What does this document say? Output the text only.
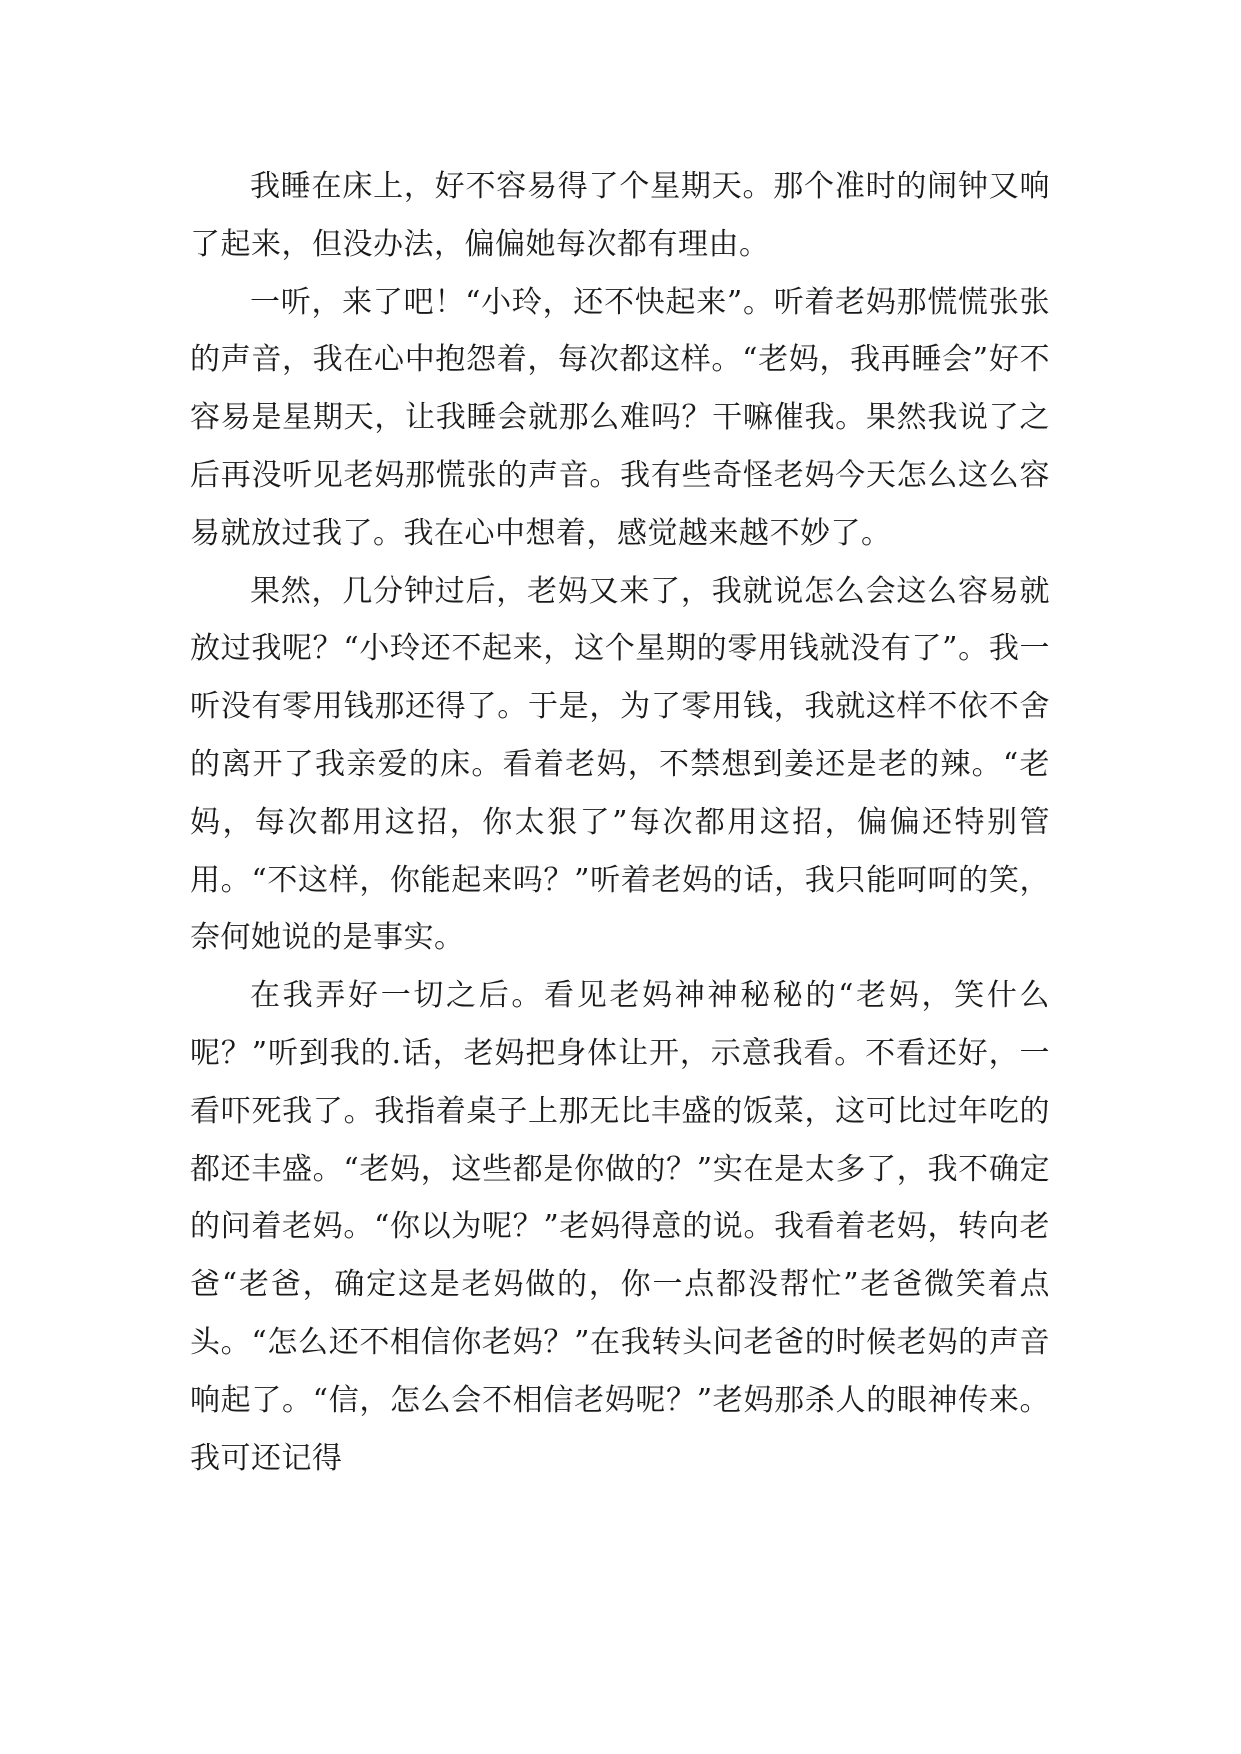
我睡在床上，好不容易得了个星期天。那个准时的闹钟又响了起来，但没办法，偏偏她每次都有理由。

一听，来了吧！“小玲，还不快起来”。听着老妈那慌慌张张的声音，我在心中抱怨着，每次都这样。“老妈，我再睡会”好不容易是星期天，让我睡会就那么难吗？干嘛催我。果然我说了之后再没听见老妈那慌张的声音。我有些奇怪老妈今天怎么这么容易就放过我了。我在心中想着，感觉越来越不妙了。

果然，几分钟过后，老妈又来了，我就说怎么会这么容易就放过我呢？“小玲还不起来，这个星期的零用钱就没有了”。我一听没有零用钱那还得了。于是，为了零用钱，我就这样不依不舍的离开了我亲爱的床。看着老妈，不禁想到姜还是老的辣。“老妈，每次都用这招，你太狠了”每次都用这招，偏偏还特别管用。“不这样，你能起来吗？”听着老妈的话，我只能呵呵的笑，奈何她说的是事实。

在我弄好一切之后。看见老妈神神秘秘的“老妈，笑什么呢？”听到我的.话，老妈把身体让开，示意我看。不看还好，一看吓死我了。我指着桌子上那无比丰盛的饭菜，这可比过年吃的都还丰盛。“老妈，这些都是你做的？”实在是太多了，我不确定的问着老妈。“你以为呢？”老妈得意的说。我看着老妈，转向老爸“老爸，确定这是老妈做的，你一点都没帮忙”老爸微笑着点头。“怎么还不相信你老妈？”在我转头问老爸的时候老妈的声音响起了。“信，怎么会不相信老妈呢？”老妈那杀人的眼神传来。我可还记得
